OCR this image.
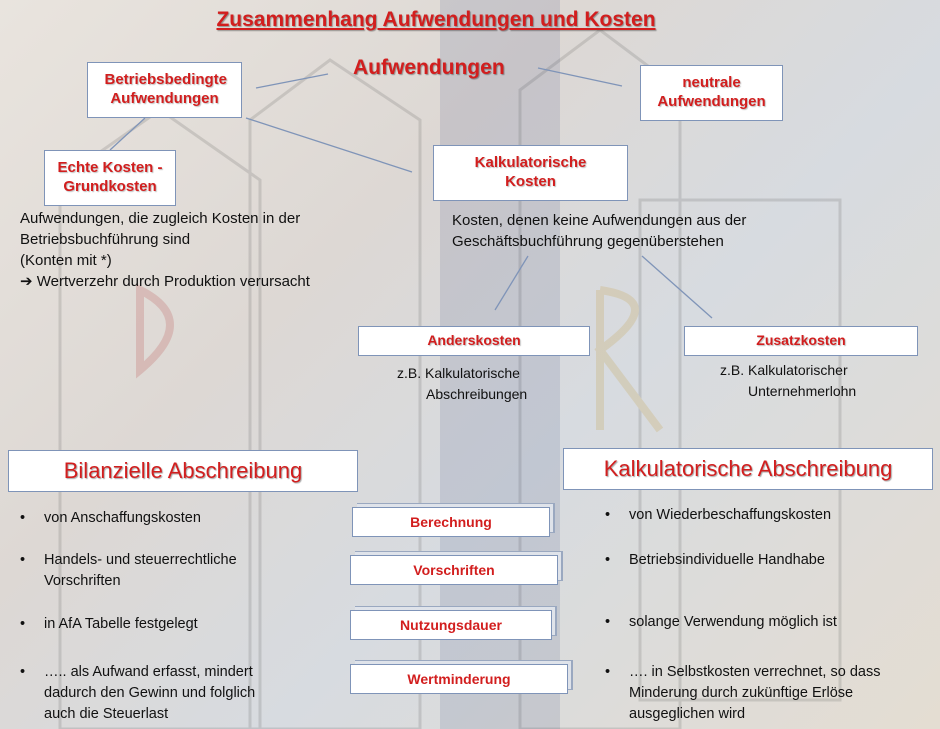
Zusammenhang Aufwendungen und Kosten
Aufwendungen
Betriebsbedingte Aufwendungen
neutrale Aufwendungen
Echte Kosten - Grundkosten
Kalkulatorische Kosten
Aufwendungen, die zugleich Kosten in der
Betriebsbuchführung sind
(Konten mit *)
➔ Wertverzehr durch Produktion verursacht
Kosten, denen keine Aufwendungen aus der
Geschäftsbuchführung gegenüberstehen
Anderskosten	Zusatzkosten
z.B. Kalkulatorische
Abschreibungen
z.B. Kalkulatorischer
Unternehmerlohn
Bilanzielle Abschreibung	Kalkulatorische Abschreibung
• von Anschaffungskosten
• Handels- und steuerrechtliche
Vorschriften
• in AfA Tabelle festgelegt
• ….. als Aufwand erfasst, mindert
dadurch den Gewinn und folglich
auch die Steuerlast
Berechnung
Vorschriften
Nutzungsdauer
Wertminderung
• von Wiederbeschaffungskosten
• Betriebsindividuelle Handhabe
• solange Verwendung möglich ist
• …. in Selbstkosten verrechnet, so dass
Minderung durch zukünftige Erlöse
ausgeglichen wird
